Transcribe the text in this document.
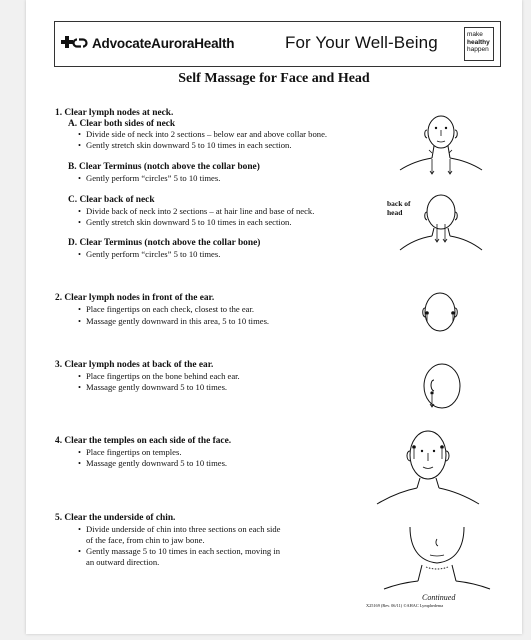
AdvocateAuroraHealth	For Your Well-Being	make
healthy
happen
Self Massage for Face and Head
1. Clear lymph nodes at neck.
A. Clear both sides of neck
• Divide side of neck into 2 sections – below ear and above collar bone.
• Gently stretch skin downward 5 to 10 times in each section.
B. Clear Terminus (notch above the collar bone)
• Gently perform “circles” 5 to 10 times.
C. Clear back of neck
• Divide back of neck into 2 sections – at hair line and base of neck.
• Gently stretch skin downward 5 to 10 times in each section.
D. Clear Terminus (notch above the collar bone)
• Gently perform “circles” 5 to 10 times.
back of
head
2. Clear lymph nodes in front of the ear.
• Place fingertips on each check, closest to the ear.
• Massage gently downward in this area, 5 to 10 times.
3. Clear lymph nodes at back of the ear.
• Place fingertips on the bone behind each ear.
• Massage gently downward 5 to 10 times.
4. Clear the temples on each side of the face.
• Place fingertips on temples.
• Massage gently downward 5 to 10 times.
5. Clear the underside of chin.
• Divide underside of chin into three sections on each side
of the face, from chin to jaw bone.
• Gently massage 5 to 10 times in each section, moving in
an outward direction.
Continued
X25169 (Rev. 06/11) ©AHAC Lymphedema
